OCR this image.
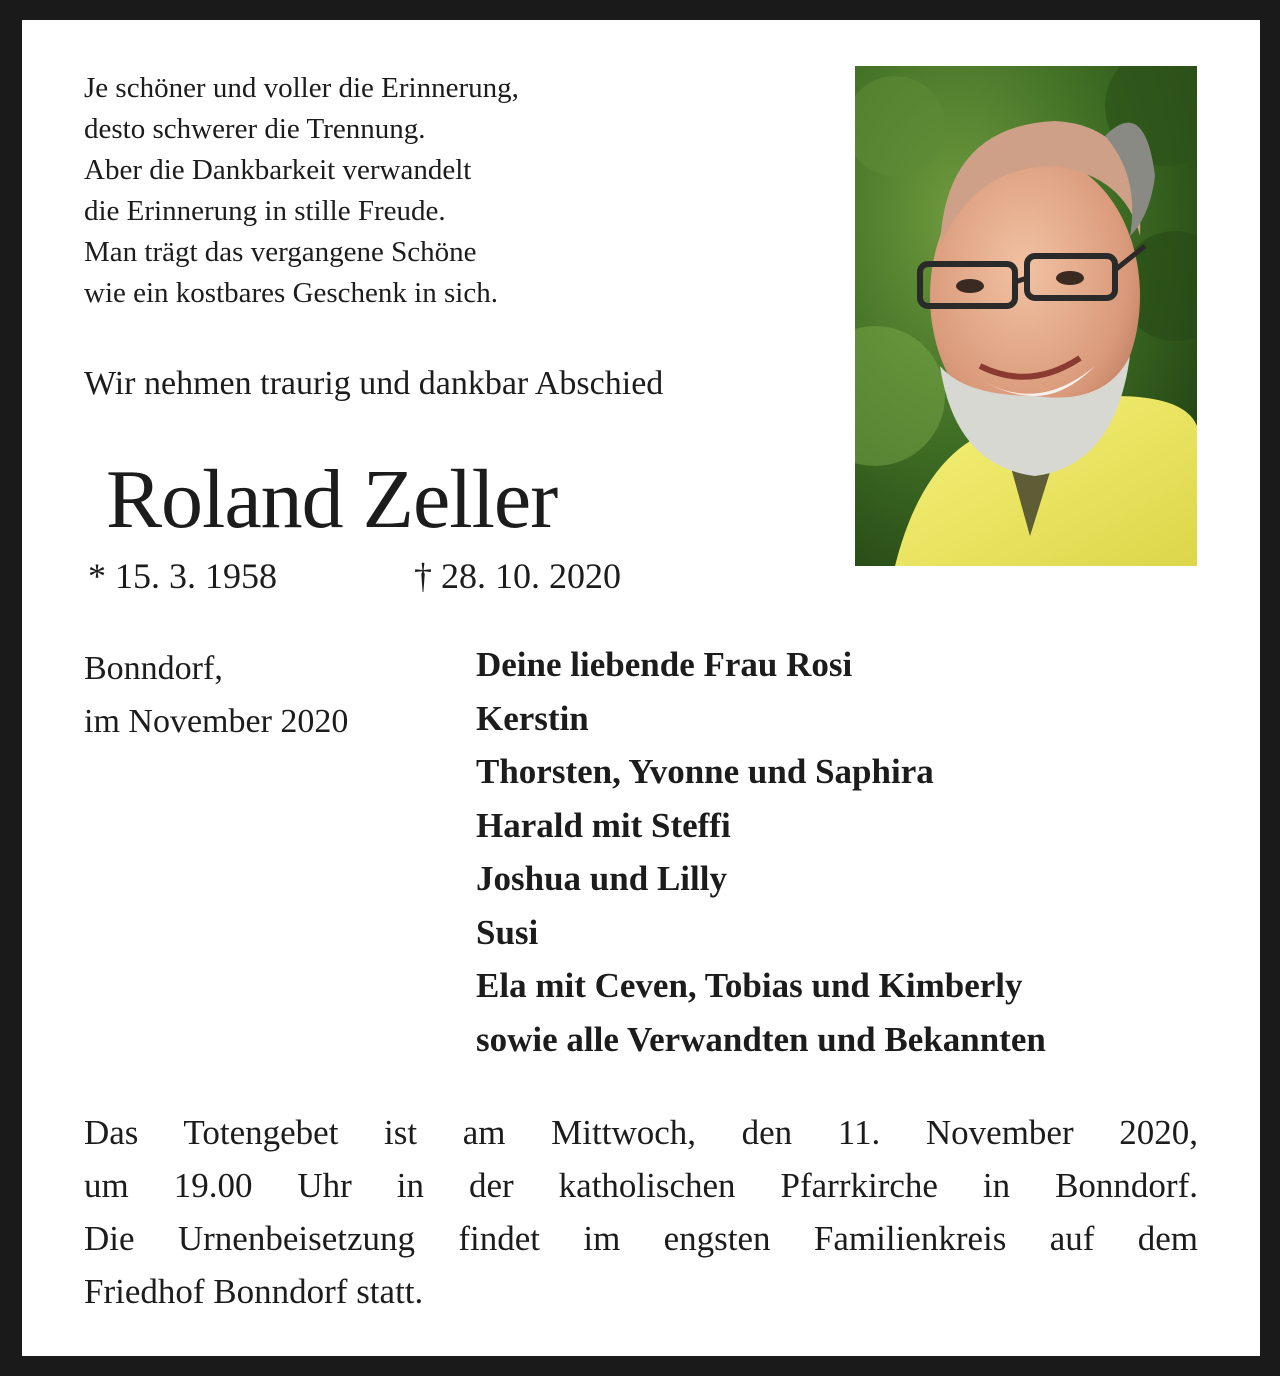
Je schöner und voller die Erinnerung,
desto schwerer die Trennung.
Aber die Dankbarkeit verwandelt
die Erinnerung in stille Freude.
Man trägt das vergangene Schöne
wie ein kostbares Geschenk in sich.
Wir nehmen traurig und dankbar Abschied
Roland Zeller
* 15. 3. 1958	† 28. 10. 2020
Bonndorf,
im November 2020
Deine liebende Frau Rosi
Kerstin
Thorsten, Yvonne und Saphira
Harald mit Steffi
Joshua und Lilly
Susi
Ela mit Ceven, Tobias und Kimberly
sowie alle Verwandten und Bekannten
Das Totengebet ist am Mittwoch, den 11. November 2020,
um 19.00 Uhr in der katholischen Pfarrkirche in Bonndorf.
Die Urnenbeisetzung findet im engsten Familienkreis auf dem
Friedhof Bonndorf statt.
